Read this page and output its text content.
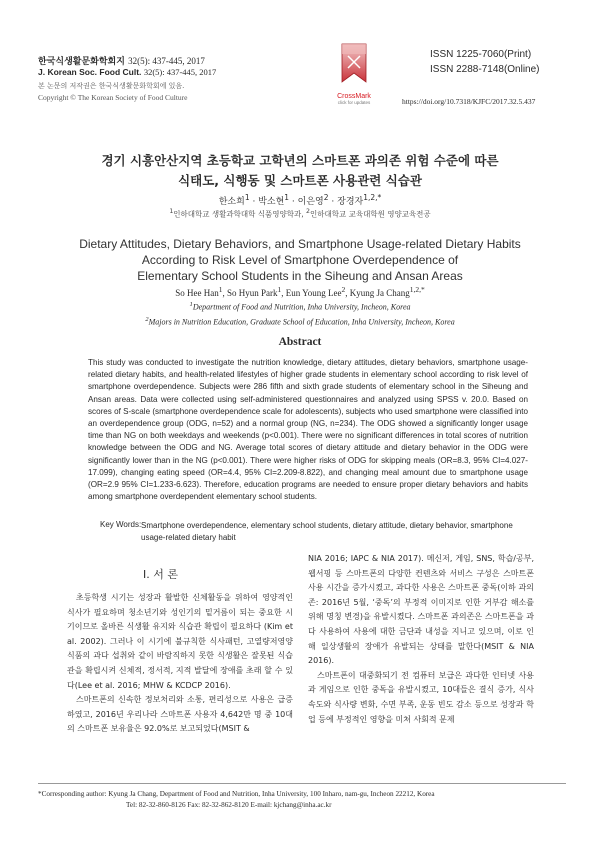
한국식생활문화학회지 32(5): 437-445, 2017
J. Korean Soc. Food Cult. 32(5): 437-445, 2017
본 논문의 저작권은 한국식생활문화학회에 있음.
Copyright © The Korean Society of Food Culture	CrossMark
click for updates
ISSN 1225-7060(Print)
ISSN 2288-7148(Online)
https://doi.org/10.7318/KJFC/2017.32.5.437
경기 시흥안산지역 초등학교 고학년의 스마트폰 과의존 위험 수준에 따른
식태도, 식행동 및 스마트폰 사용관련 식습관
한소희$^1$ · 박소현$^1$ · 이은영$^2$ · 장경자$^{1,2,*}$
$^1$인하대학교 생활과학대학 식품영양학과, $^2$인하대학교 교육대학원 영양교육전공
Dietary Attitudes, Dietary Behaviors, and Smartphone Usage-related Dietary Habits
According to Risk Level of Smartphone Overdependence of
Elementary School Students in the Siheung and Ansan Areas
So Hee Han$^1$, So Hyun Park$^1$, Eun Young Lee$^2$, Kyung Ja Chang$^{1,2,*}$
$^1$Department of Food and Nutrition, Inha University, Incheon, Korea
$^2$Majors in Nutrition Education, Graduate School of Education, Inha University, Incheon, Korea
Abstract
This study was conducted to investigate the nutrition knowledge, dietary attitudes, dietary behaviors, smartphone usage-related dietary habits, and health-related lifestyles of higher grade students in elementary school according to risk level of smartphone overdependence. Subjects were 286 fifth and sixth grade students of elementary school in the Siheung and Ansan areas. Data were collected using self-administered questionnaires and analyzed using SPSS v. 20.0. Based on scores of S-scale (smartphone overdependence scale for adolescents), subjects who used smartphone were classified into an overdependence group (ODG, n=52) and a normal group (NG, n=234). The ODG showed a significantly longer usage time than NG on both weekdays and weekends (p<0.001). There were no significant differences in total scores of nutrition knowledge between the ODG and NG. Average total scores of dietary attitude and dietary behavior in the ODG were significantly lower than in the NG (p<0.001). There were higher risks of ODG for skipping meals (OR=8.3, 95% CI=4.027-17.099), changing eating speed (OR=4.4, 95% CI=2.209-8.822), and changing meal amount due to smartphone usage (OR=2.9 95% CI=1.233-6.623). Therefore, education programs are needed to ensure proper dietary behaviors and habits among smartphone overdependent elementary school students.
Key Words: Smartphone overdependence, elementary school students, dietary attitude, dietary behavior, smartphone usage-related dietary habit
I. 서 론

초등학생 시기는 성장과 활발한 신체활동을 위하여 영양적인 식사가 필요하며 청소년기와 성인기의 밑거름이 되는 중요한 시기이므로 올바른 식생활 유지와 식습관 확립이 필요하다 (Kim et al. 2002). 그러나 이 시기에 불규칙한 식사패턴, 고열량저영양 식품의 과다 섭취와 같이 바람직하지 못한 식생활은 잘못된 식습관을 확립시켜 신체적, 정서적, 지적 발달에 장애를 초래 할 수 있다(Lee et al. 2016; MHW & KCDCP 2016).

스마트폰의 신속한 정보처리와 소통, 편리성으로 사용은 급증하였고, 2016년 우리나라 스마트폰 사용자 4,642만 명 중 10대의 스마트폰 보유율은 92.0%로 보고되었다(MSIT &

NIA 2016; IAPC & NIA 2017). 메신저, 게임, SNS, 학습/공부, 웹서핑 등 스마트폰의 다양한 컨텐츠와 서비스 구성은 스마트폰 사용 시간을 증가시켰고, 과다한 사용은 스마트폰 중독(이하 과의존: 2016년 5월, ‘중독’의 부정적 이미지로 인한 거부감 해소를 위해 명칭 변경)을 유발시켰다. 스마트폰 과의존은 스마트폰을 과다 사용하여 사용에 대한 금단과 내성을 지니고 있으며, 이로 인해 일상생활의 장애가 유발되는 상태를 말한다(MSIT & NIA 2016).

스마트폰이 대중화되기 전 컴퓨터 보급은 과다한 인터넷 사용과 게임으로 인한 중독을 유발시켰고, 10대들은 결식 증가, 식사속도와 식사량 변화, 수면 부족, 운동 빈도 감소 등으로 성장과 학업 등에 부정적인 영향을 미쳐 사회적 문제

*Corresponding author: Kyung Ja Chang, Department of Food and Nutrition, Inha University, 100 Inharo, nam-gu, Incheon 22212, Korea
Tel: 82-32-860-8126 Fax: 82-32-862-8120 E-mail: kjchang@inha.ac.kr
